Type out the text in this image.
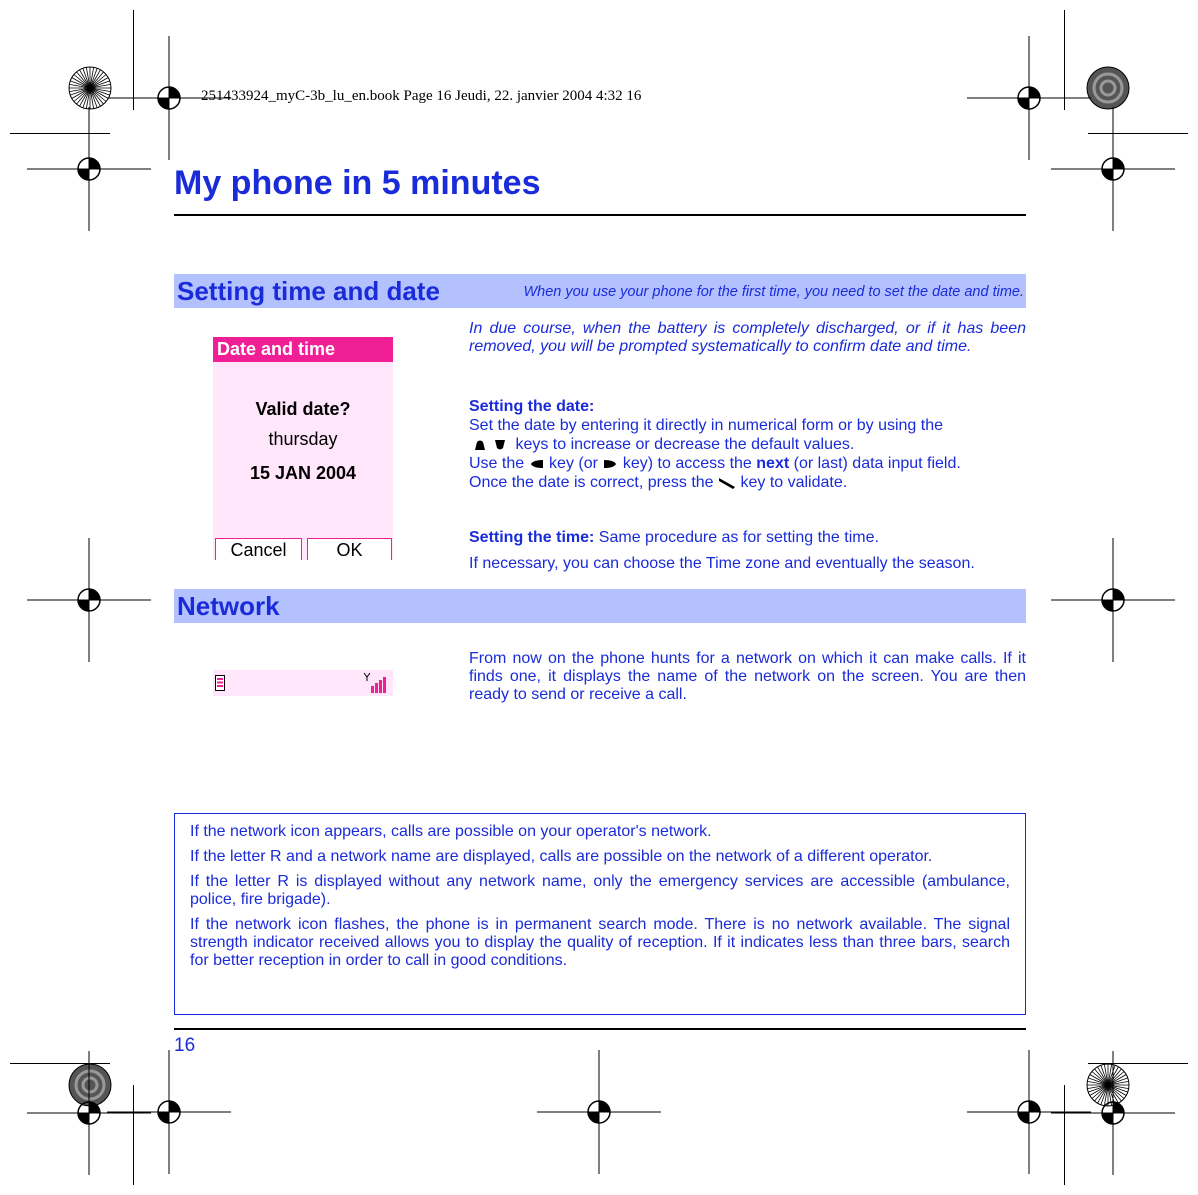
251433924_myC-3b_lu_en.book Page 16 Jeudi, 22. janvier 2004 4:32 16
My phone in 5 minutes
Setting time and date	When you use your phone for the first time, you need to set the date and time.
Date and time
Valid date?
thursday
15 JAN 2004
Cancel	OK
In due course, when the battery is completely discharged, or if it has been removed, you will be prompted systematically to confirm date and time.
Setting the date:
Set the date by entering it directly in numerical form or by using the
keys to increase or decrease the default values.
Use the key (or key) to access the next (or last) data input field.
Once the date is correct, press the key to validate.
Setting the time: Same procedure as for setting the time.
If necessary, you can choose the Time zone and eventually the season.
Network
From now on the phone hunts for a network on which it can make calls. If it finds one, it displays the name of the network on the screen. You are then ready to send or receive a call.

If the network icon appears, calls are possible on your operator's network.

If the letter R and a network name are displayed, calls are possible on the network of a different operator.

If the letter R is displayed without any network name, only the emergency services are accessible (ambulance, police, fire brigade).

If the network icon flashes, the phone is in permanent search mode. There is no network available. The signal strength indicator received allows you to display the quality of reception. If it indicates less than three bars, search for better reception in order to call in good conditions.

16
